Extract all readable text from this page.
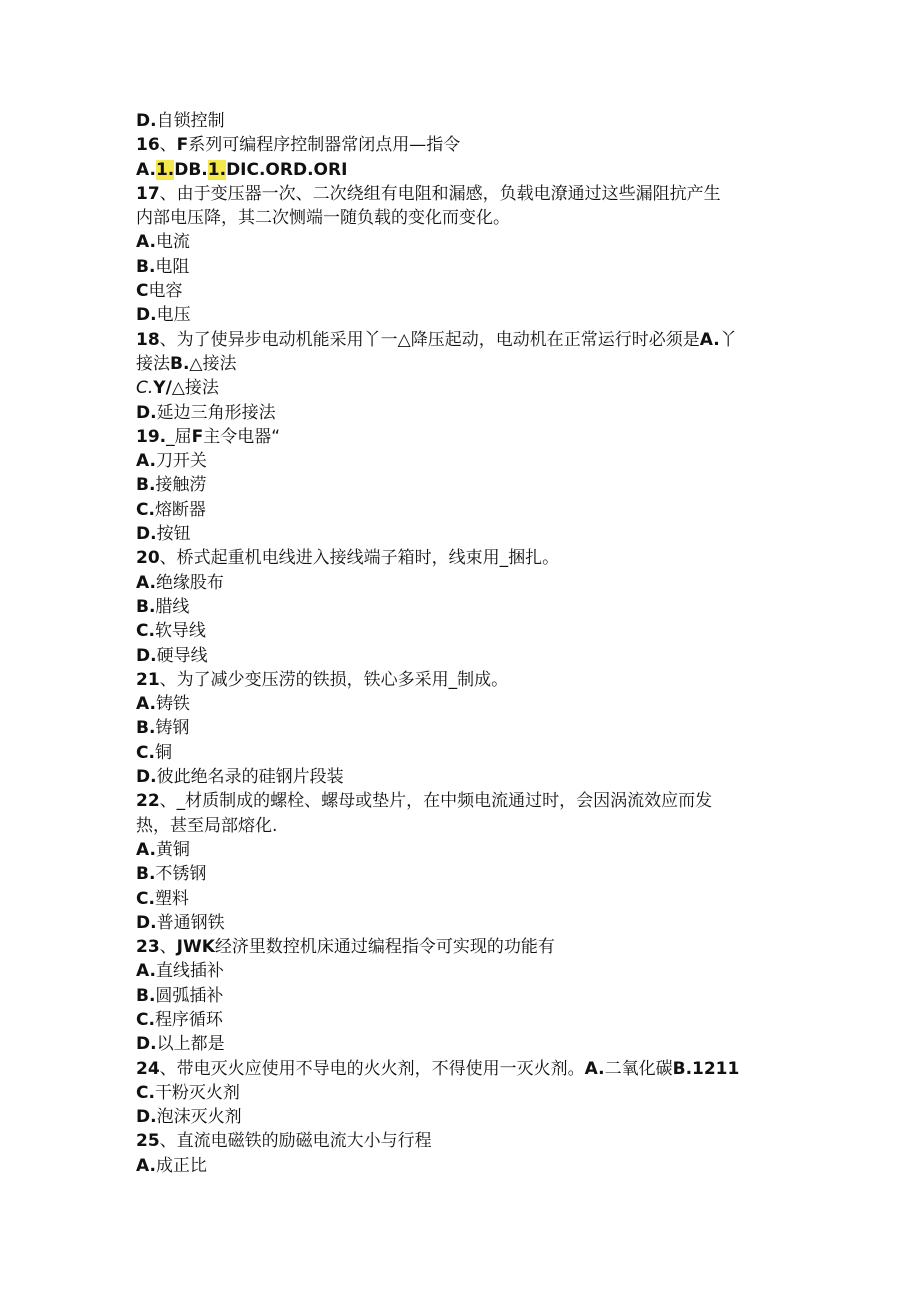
D.自锁控制
16、F系列可编程序控制器常闭点用—指令
A.1.DB.1.DIC.ORD.ORI
17、由于变压器一次、二次绕组有电阻和漏感，负载电潦通过这些漏阻抗产生
内部电压降，其二次恻端一随负载的变化而变化。
A.电流
B.电阻
C电容
D.电压
18、为了使异步电动机能采用丫一△降压起动，电动机在正常运行时必须是A.丫
接法B.△接法
C.Y/△接法
D.延边三角形接法
19._屈F主令电器“
A.刀开关
B.接触涝
C.熔断器
D.按钮
20、桥式起重机电线进入接线端子箱时，线束用_捆扎。
A.绝缘股布
B.腊线
C.软导线
D.硬导线
21、为了减少变压涝的铁损，铁心多采用_制成。
A.铸铁
B.铸钢
C.铜
D.彼此绝名录的硅钢片段装
22、_材质制成的螺栓、螺母或垫片，在中频电流通过时，会因涡流效应而发
热，甚至局部熔化.
A.黄铜
B.不锈钢
C.塑料
D.普通钢铁
23、JWK经济里数控机床通过编程指令可实现的功能有
A.直线插补
B.圆弧插补
C.程序循环
D.以上都是
24、带电灭火应使用不导电的火火剂，不得使用一灭火剂。A.二氧化碳B.1211
C.干粉灭火剂
D.泡沫灭火剂
25、直流电磁铁的励磁电流大小与行程
A.成正比
